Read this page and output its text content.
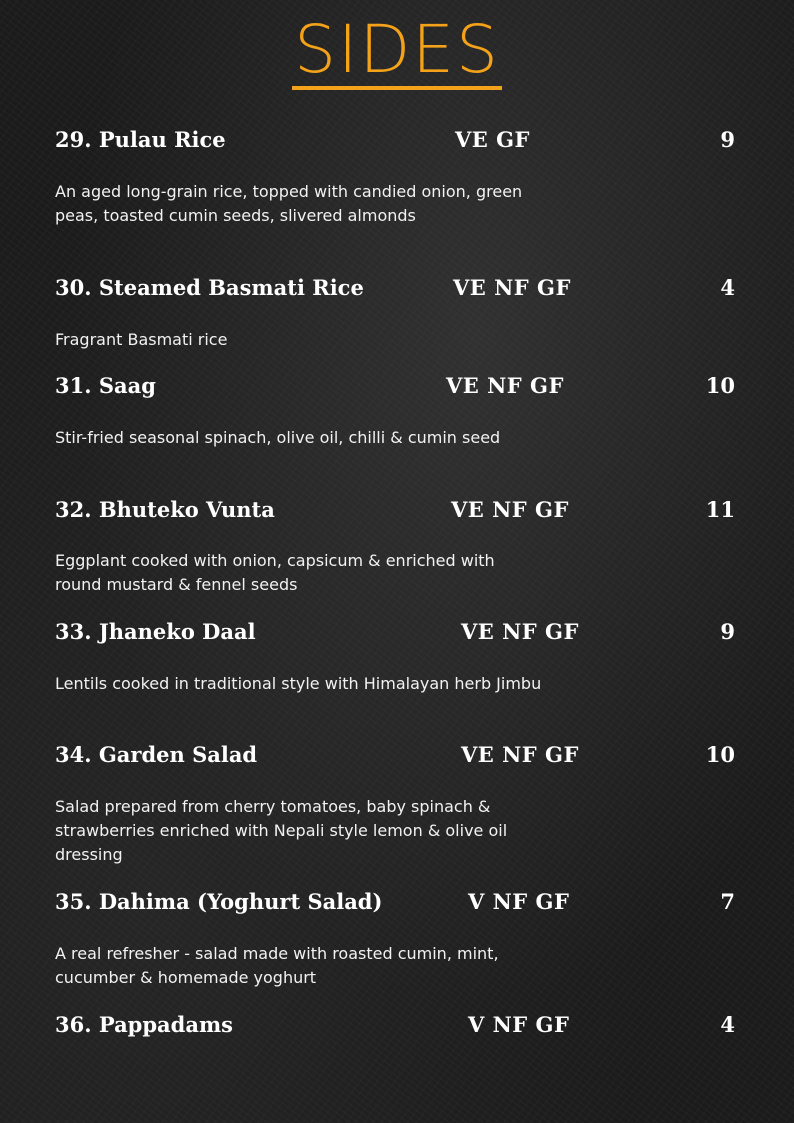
SIDES
29. Pulau Rice	VE GF	9
An aged long-grain rice, topped with candied onion, green peas, toasted cumin seeds, slivered almonds
30. Steamed Basmati Rice	VE NF GF	4
Fragrant Basmati rice
31. Saag	VE NF GF	10
Stir-fried seasonal spinach, olive oil, chilli & cumin seed
32. Bhuteko Vunta	VE NF GF	11
Eggplant cooked with onion, capsicum & enriched with round mustard & fennel seeds
33. Jhaneko Daal	VE NF GF	9
Lentils cooked in traditional style with Himalayan herb Jimbu
34. Garden Salad	VE NF GF	10
Salad prepared from cherry tomatoes, baby spinach & strawberries enriched with Nepali style lemon & olive oil dressing
35. Dahima (Yoghurt Salad)	V NF GF	7
A real refresher - salad made with roasted cumin, mint, cucumber & homemade yoghurt
36. Pappadams	V NF GF	4
